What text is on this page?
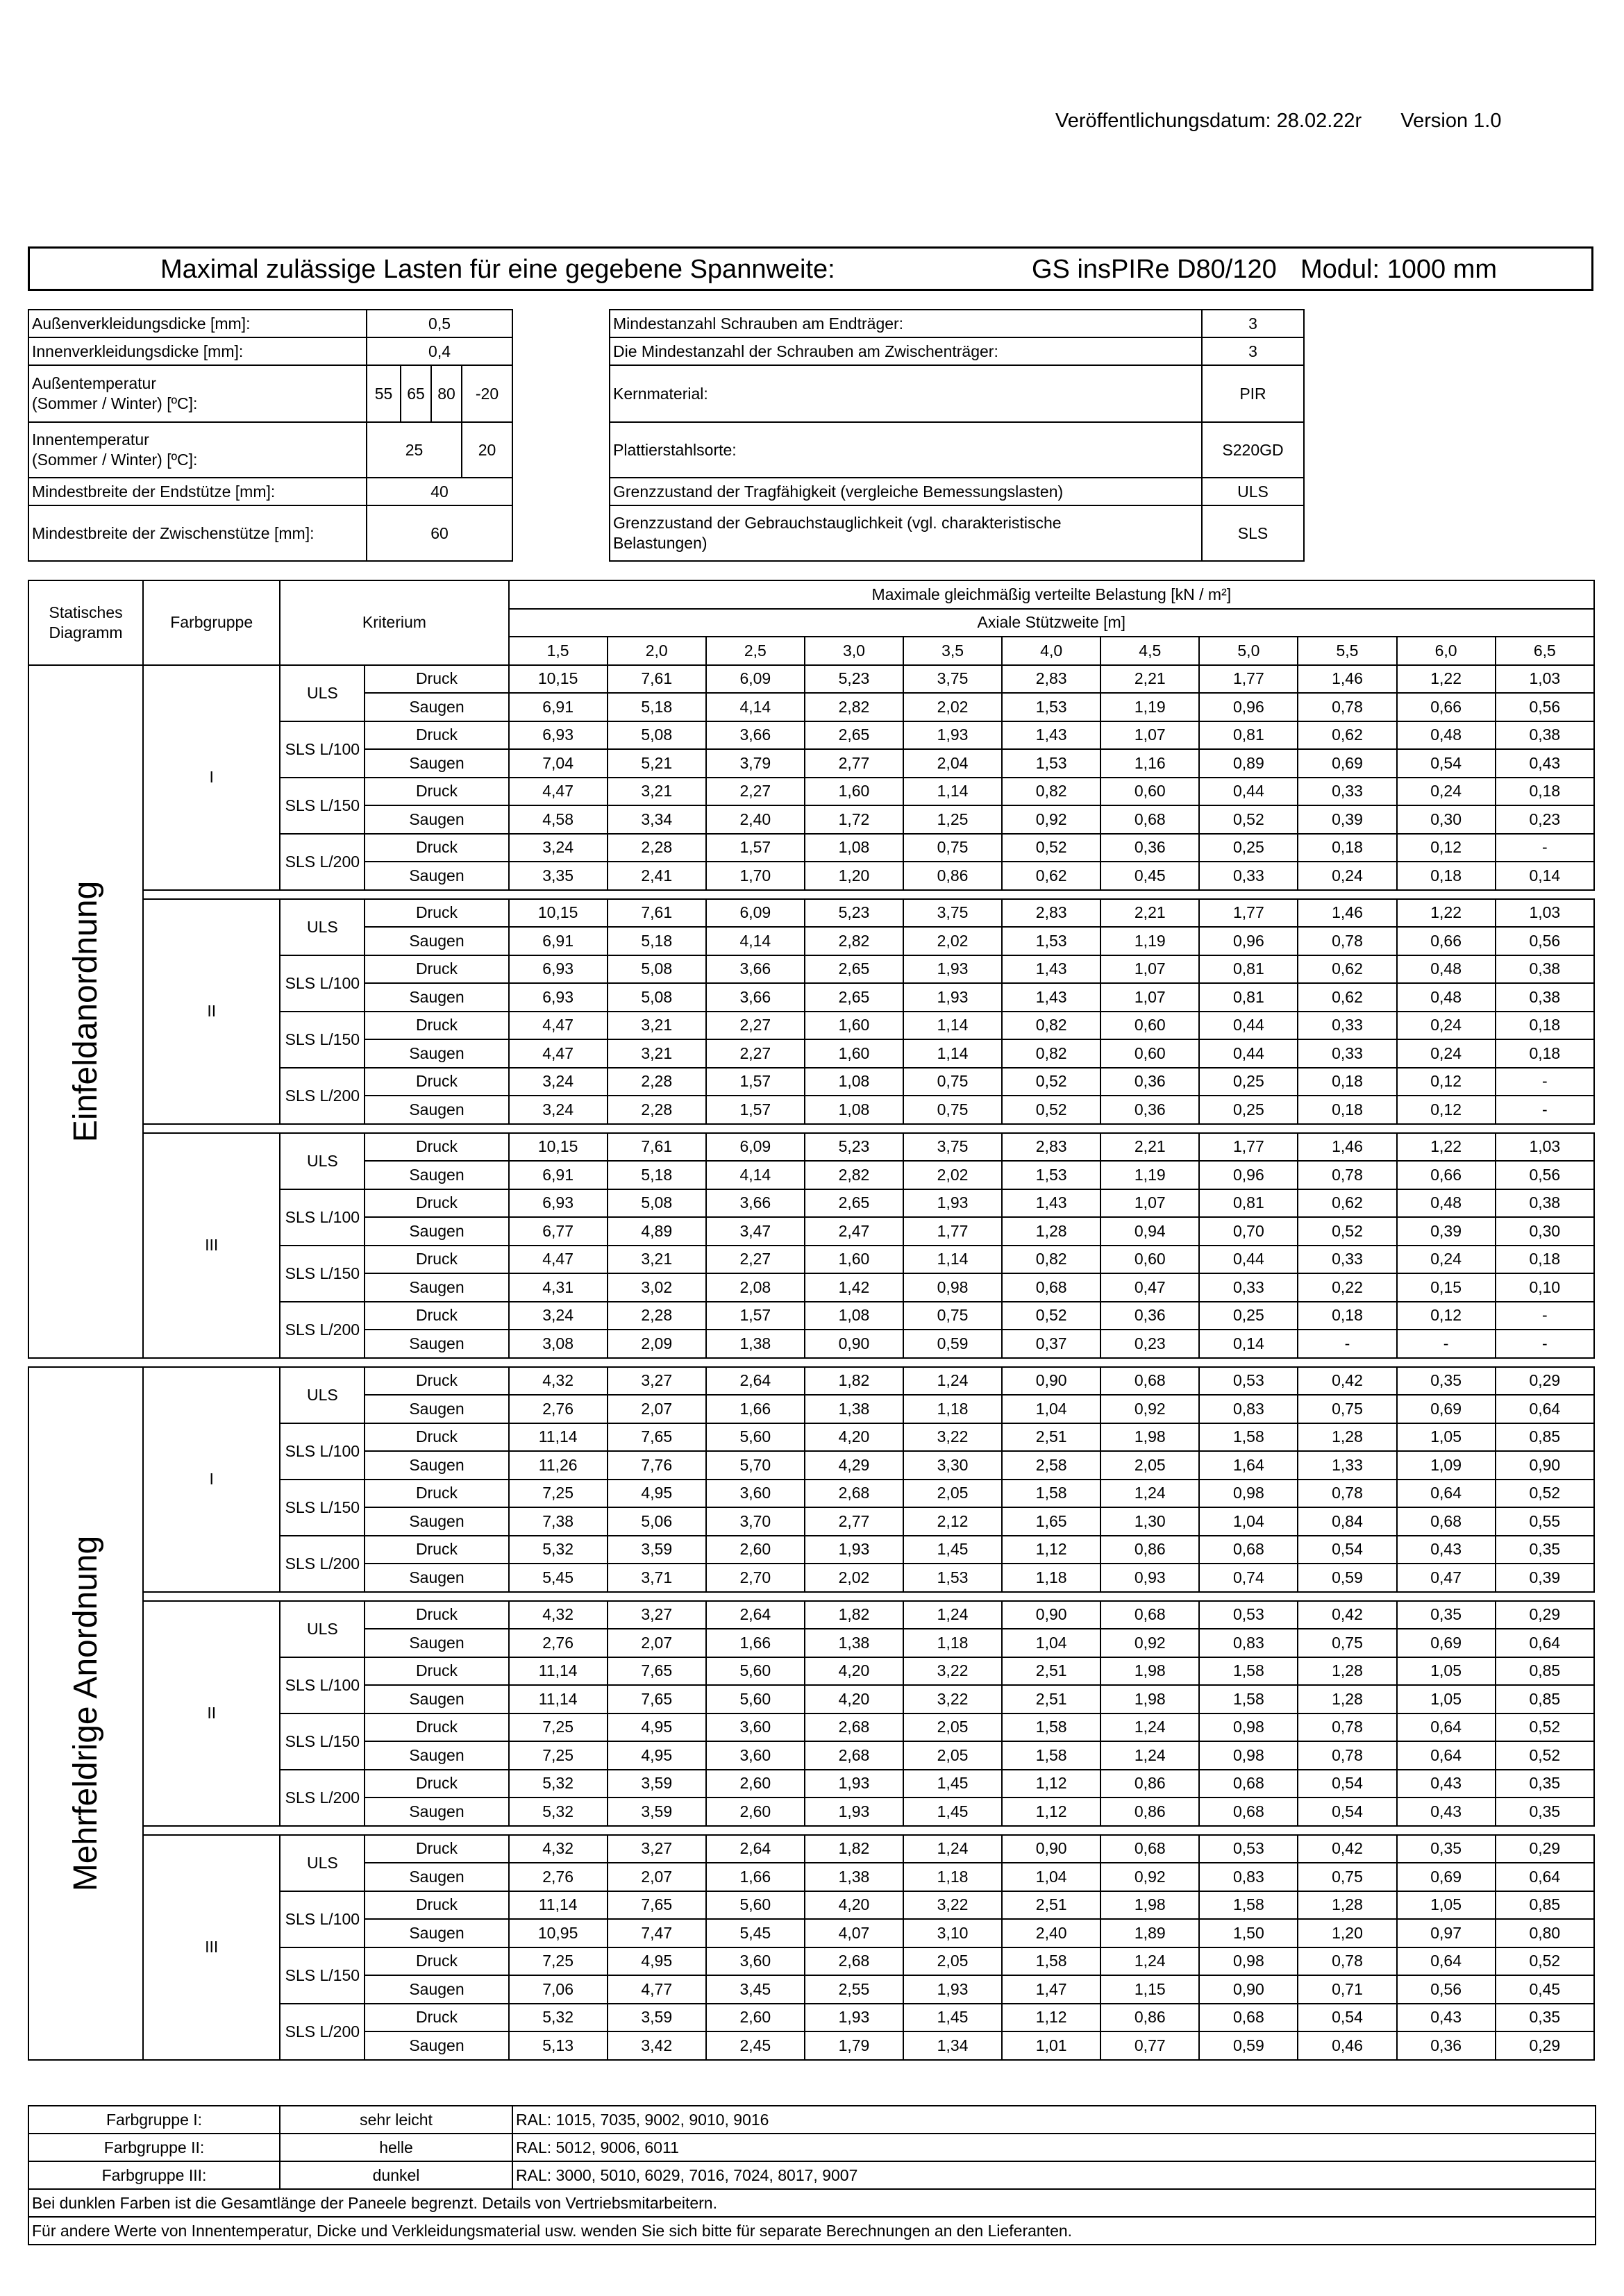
Veröffentlichungsdatum: 28.02.22r Version 1.0
Maximal zulässige Lasten für eine gegebene Spannweite:	GS insPIRe D80/120 Modul: 1000 mm
Außenverkleidungsdicke [mm]:	0,5			
Innenverkleidungsdicke [mm]:	0,4			

Außentemperatur
(Sommer / Winter) [ºC]:	55	65	80	-20

Innentemperatur
(Sommer / Winter) [ºC]:	25			20
Mindestbreite der Endstütze [mm]:	40			
Mindestbreite der Zwischenstütze [mm]:	60			
Mindestanzahl Schrauben am Endträger:	3
Die Mindestanzahl der Schrauben am Zwischenträger:	3
Kernmaterial:	PIR
Plattierstahlsorte:	S220GD
Grenzzustand der Tragfähigkeit (vergleiche Bemessungslasten)	ULS

Grenzzustand der Gebrauchstauglichkeit (vgl. charakteristische
Belastungen)	SLS
Statisches
Diagramm	Farbgruppe	Kriterium		Maximale gleichmäßig verteilte Belastung [kN / m²]										
				Axiale Stützweite [m]										
				1,5	2,0	2,5	3,0	3,5	4,0	4,5	5,0	5,5	6,0	6,5

Einfeldanordnung	I	ULS	Druck	10,15	7,61	6,09	5,23	3,75	2,83	2,21	1,77	1,46	1,22	1,03
			Saugen	6,91	5,18	4,14	2,82	2,02	1,53	1,19	0,96	0,78	0,66	0,56
		SLS L/100	Druck	6,93	5,08	3,66	2,65	1,93	1,43	1,07	0,81	0,62	0,48	0,38
			Saugen	7,04	5,21	3,79	2,77	2,04	1,53	1,16	0,89	0,69	0,54	0,43
		SLS L/150	Druck	4,47	3,21	2,27	1,60	1,14	0,82	0,60	0,44	0,33	0,24	0,18
			Saugen	4,58	3,34	2,40	1,72	1,25	0,92	0,68	0,52	0,39	0,30	0,23
		SLS L/200	Druck	3,24	2,28	1,57	1,08	0,75	0,52	0,36	0,25	0,18	0,12	-
			Saugen	3,35	2,41	1,70	1,20	0,86	0,62	0,45	0,33	0,24	0,18	0,14

	II	ULS	Druck	10,15	7,61	6,09	5,23	3,75	2,83	2,21	1,77	1,46	1,22	1,03
			Saugen	6,91	5,18	4,14	2,82	2,02	1,53	1,19	0,96	0,78	0,66	0,56
		SLS L/100	Druck	6,93	5,08	3,66	2,65	1,93	1,43	1,07	0,81	0,62	0,48	0,38
			Saugen	6,93	5,08	3,66	2,65	1,93	1,43	1,07	0,81	0,62	0,48	0,38
		SLS L/150	Druck	4,47	3,21	2,27	1,60	1,14	0,82	0,60	0,44	0,33	0,24	0,18
			Saugen	4,47	3,21	2,27	1,60	1,14	0,82	0,60	0,44	0,33	0,24	0,18
		SLS L/200	Druck	3,24	2,28	1,57	1,08	0,75	0,52	0,36	0,25	0,18	0,12	-
			Saugen	3,24	2,28	1,57	1,08	0,75	0,52	0,36	0,25	0,18	0,12	-

	III	ULS	Druck	10,15	7,61	6,09	5,23	3,75	2,83	2,21	1,77	1,46	1,22	1,03
			Saugen	6,91	5,18	4,14	2,82	2,02	1,53	1,19	0,96	0,78	0,66	0,56
		SLS L/100	Druck	6,93	5,08	3,66	2,65	1,93	1,43	1,07	0,81	0,62	0,48	0,38
			Saugen	6,77	4,89	3,47	2,47	1,77	1,28	0,94	0,70	0,52	0,39	0,30
		SLS L/150	Druck	4,47	3,21	2,27	1,60	1,14	0,82	0,60	0,44	0,33	0,24	0,18
			Saugen	4,31	3,02	2,08	1,42	0,98	0,68	0,47	0,33	0,22	0,15	0,10
		SLS L/200	Druck	3,24	2,28	1,57	1,08	0,75	0,52	0,36	0,25	0,18	0,12	-
			Saugen	3,08	2,09	1,38	0,90	0,59	0,37	0,23	0,14	-	-	-

Mehrfeldrige Anordnung	I	ULS	Druck	4,32	3,27	2,64	1,82	1,24	0,90	0,68	0,53	0,42	0,35	0,29
			Saugen	2,76	2,07	1,66	1,38	1,18	1,04	0,92	0,83	0,75	0,69	0,64
		SLS L/100	Druck	11,14	7,65	5,60	4,20	3,22	2,51	1,98	1,58	1,28	1,05	0,85
			Saugen	11,26	7,76	5,70	4,29	3,30	2,58	2,05	1,64	1,33	1,09	0,90
		SLS L/150	Druck	7,25	4,95	3,60	2,68	2,05	1,58	1,24	0,98	0,78	0,64	0,52
			Saugen	7,38	5,06	3,70	2,77	2,12	1,65	1,30	1,04	0,84	0,68	0,55
		SLS L/200	Druck	5,32	3,59	2,60	1,93	1,45	1,12	0,86	0,68	0,54	0,43	0,35
			Saugen	5,45	3,71	2,70	2,02	1,53	1,18	0,93	0,74	0,59	0,47	0,39

	II	ULS	Druck	4,32	3,27	2,64	1,82	1,24	0,90	0,68	0,53	0,42	0,35	0,29
			Saugen	2,76	2,07	1,66	1,38	1,18	1,04	0,92	0,83	0,75	0,69	0,64
		SLS L/100	Druck	11,14	7,65	5,60	4,20	3,22	2,51	1,98	1,58	1,28	1,05	0,85
			Saugen	11,14	7,65	5,60	4,20	3,22	2,51	1,98	1,58	1,28	1,05	0,85
		SLS L/150	Druck	7,25	4,95	3,60	2,68	2,05	1,58	1,24	0,98	0,78	0,64	0,52
			Saugen	7,25	4,95	3,60	2,68	2,05	1,58	1,24	0,98	0,78	0,64	0,52
		SLS L/200	Druck	5,32	3,59	2,60	1,93	1,45	1,12	0,86	0,68	0,54	0,43	0,35
			Saugen	5,32	3,59	2,60	1,93	1,45	1,12	0,86	0,68	0,54	0,43	0,35

	III	ULS	Druck	4,32	3,27	2,64	1,82	1,24	0,90	0,68	0,53	0,42	0,35	0,29
			Saugen	2,76	2,07	1,66	1,38	1,18	1,04	0,92	0,83	0,75	0,69	0,64
		SLS L/100	Druck	11,14	7,65	5,60	4,20	3,22	2,51	1,98	1,58	1,28	1,05	0,85
			Saugen	10,95	7,47	5,45	4,07	3,10	2,40	1,89	1,50	1,20	0,97	0,80
		SLS L/150	Druck	7,25	4,95	3,60	2,68	2,05	1,58	1,24	0,98	0,78	0,64	0,52
			Saugen	7,06	4,77	3,45	2,55	1,93	1,47	1,15	0,90	0,71	0,56	0,45
		SLS L/200	Druck	5,32	3,59	2,60	1,93	1,45	1,12	0,86	0,68	0,54	0,43	0,35
			Saugen	5,13	3,42	2,45	1,79	1,34	1,01	0,77	0,59	0,46	0,36	0,29
Farbgruppe I:	sehr leicht	RAL: 1015, 7035, 9002, 9010, 9016
Farbgruppe II:	helle	RAL: 5012, 9006, 6011
Farbgruppe III:	dunkel	RAL: 3000, 5010, 6029, 7016, 7024, 8017, 9007
Bei dunklen Farben ist die Gesamtlänge der Paneele begrenzt. Details von Vertriebsmitarbeitern.		
Für andere Werte von Innentemperatur, Dicke und Verkleidungsmaterial usw. wenden Sie sich bitte für separate Berechnungen an den Lieferanten.		
